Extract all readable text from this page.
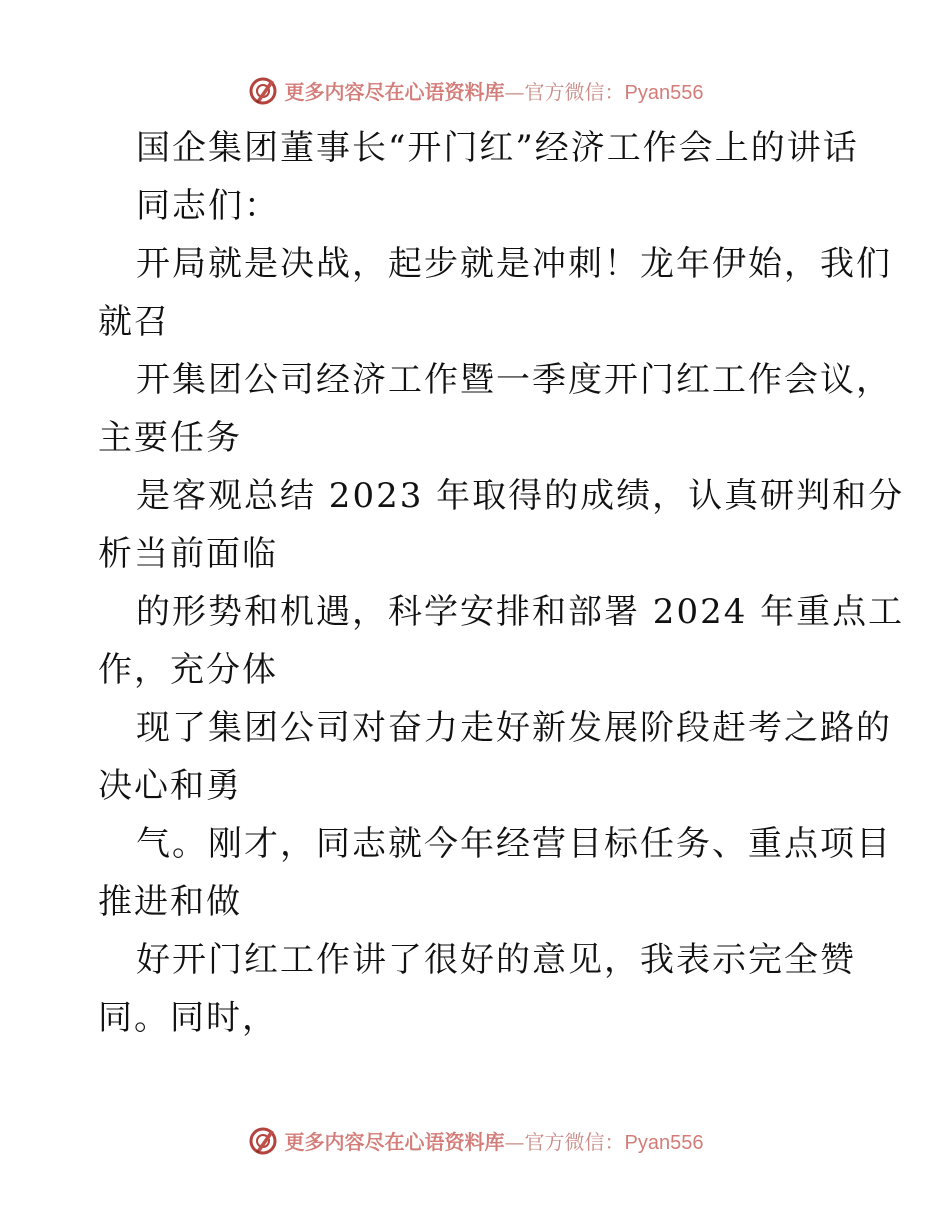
更多内容尽在心语资料库—官方微信：Pyan556
国企集团董事长“开门红”经济工作会上的讲话
同志们：
开局就是决战，起步就是冲刺！龙年伊始，我们
就召
开集团公司经济工作暨一季度开门红工作会议，
主要任务
是客观总结 2023 年取得的成绩，认真研判和分
析当前面临
的形势和机遇，科学安排和部署 2024 年重点工
作，充分体
现了集团公司对奋力走好新发展阶段赶考之路的
决心和勇
气。刚才，同志就今年经营目标任务、重点项目
推进和做
好开门红工作讲了很好的意见，我表示完全赞
同。同时，
更多内容尽在心语资料库—官方微信：Pyan556
